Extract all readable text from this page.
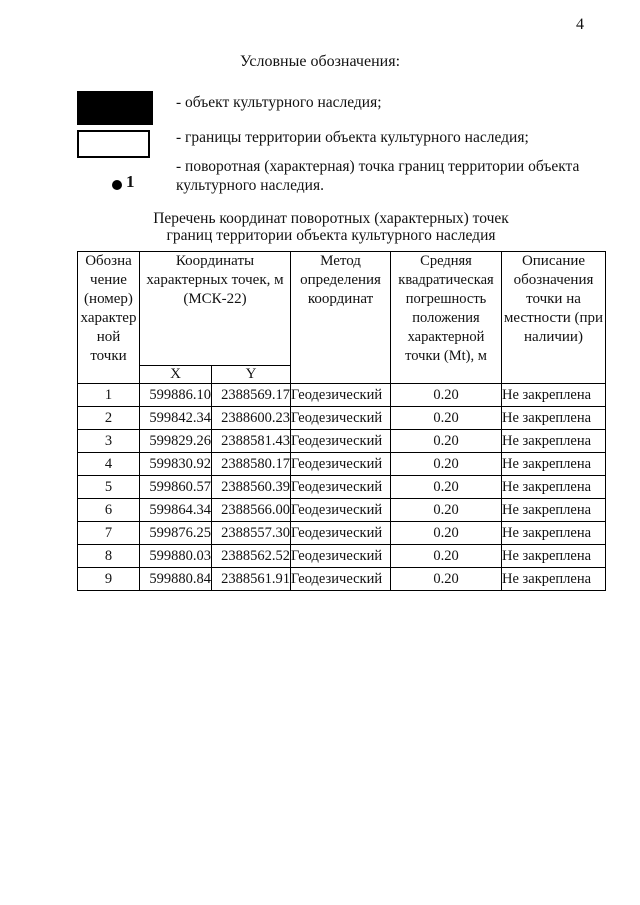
4
Условные обозначения:
- объект культурного наследия;
- границы территории объекта культурного наследия;
1
- поворотная (характерная) точка границ территории объекта культурного наследия.
Перечень координат поворотных (характерных) точек
границ территории объекта культурного наследия
Обозна чение (номер) характер ной точки	Координаты характерных точек, м (МСК-22)		Метод определения координат	Средняя квадратическая погрешность положения характерной точки (Mt), м	Описание обозначения точки на местности (при наличии)
	X	Y			
1	599886.10	2388569.17	Геодезический	0.20	Не закреплена
2	599842.34	2388600.23	Геодезический	0.20	Не закреплена
3	599829.26	2388581.43	Геодезический	0.20	Не закреплена
4	599830.92	2388580.17	Геодезический	0.20	Не закреплена
5	599860.57	2388560.39	Геодезический	0.20	Не закреплена
6	599864.34	2388566.00	Геодезический	0.20	Не закреплена
7	599876.25	2388557.30	Геодезический	0.20	Не закреплена
8	599880.03	2388562.52	Геодезический	0.20	Не закреплена
9	599880.84	2388561.91	Геодезический	0.20	Не закреплена
